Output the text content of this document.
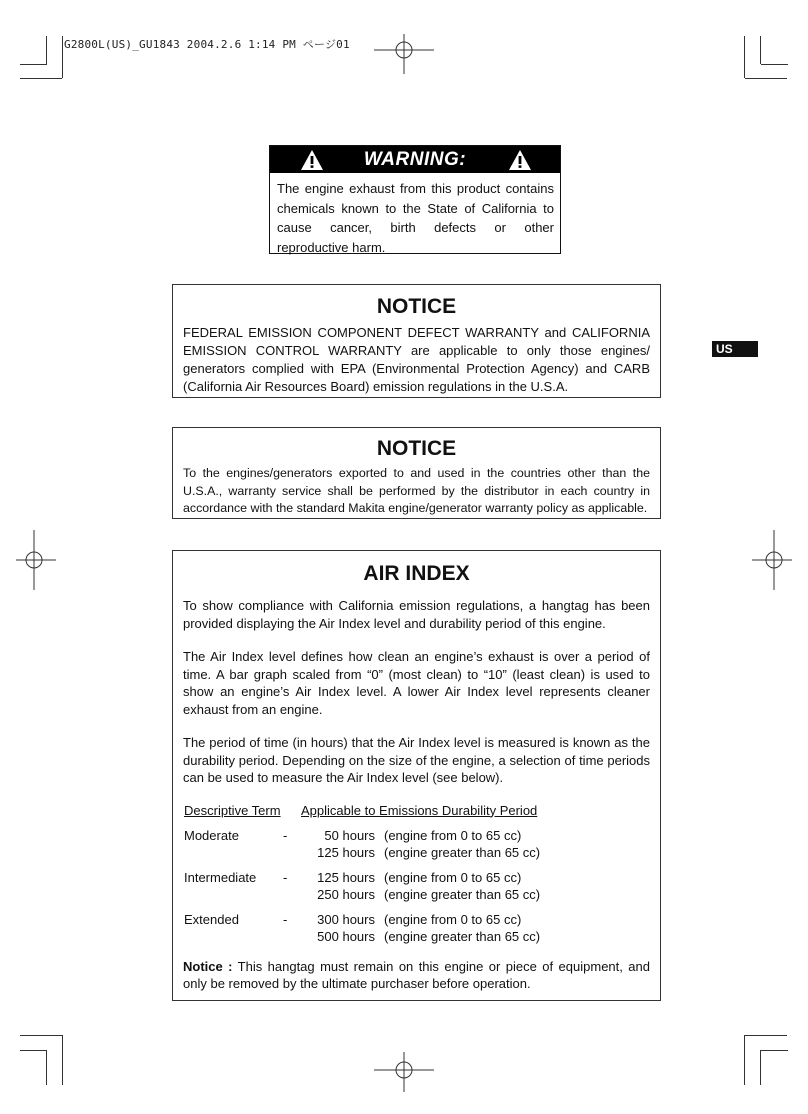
G2800L(US)_GU1843 2004.2.6 1:14 PM ページ01
US
WARNING:
The engine exhaust from this product contains chemicals known to the State of California to cause cancer, birth defects or other reproductive harm.
NOTICE
FEDERAL EMISSION COMPONENT DEFECT WARRANTY and CALIFORNIA EMISSION CONTROL WARRANTY are applicable to only those engines/ generators complied with EPA (Environmental Protection Agency) and CARB (California Air Resources Board) emission regulations in the U.S.A.
NOTICE
To the engines/generators exported to and used in the countries other than the U.S.A., warranty service shall be performed by the distributor in each country in accordance with the standard Makita engine/generator warranty policy as applicable.
AIR INDEX

To show compliance with California emission regulations, a hangtag has been provided displaying the Air Index level and durability period of this engine.

The Air Index level defines how clean an engine’s exhaust is over a period of time. A bar graph scaled from “0” (most clean) to “10” (least clean) is used to show an engine’s Air Index level. A lower Air Index level represents cleaner exhaust from an engine.

The period of time (in hours) that the Air Index level is measured is known as the durability period. Depending on the size of the engine, a selection of time periods can be used to measure the Air Index level (see below).

Descriptive Term	Applicable to Emissions Durability Period
Moderate	-	50 hours (engine from 0 to 65 cc)
125 hours (engine greater than 65 cc)
Intermediate	-	125 hours (engine from 0 to 65 cc)
250 hours (engine greater than 65 cc)
Extended	-	300 hours (engine from 0 to 65 cc)
500 hours (engine greater than 65 cc)

Notice : This hangtag must remain on this engine or piece of equipment, and only be removed by the ultimate purchaser before operation.
